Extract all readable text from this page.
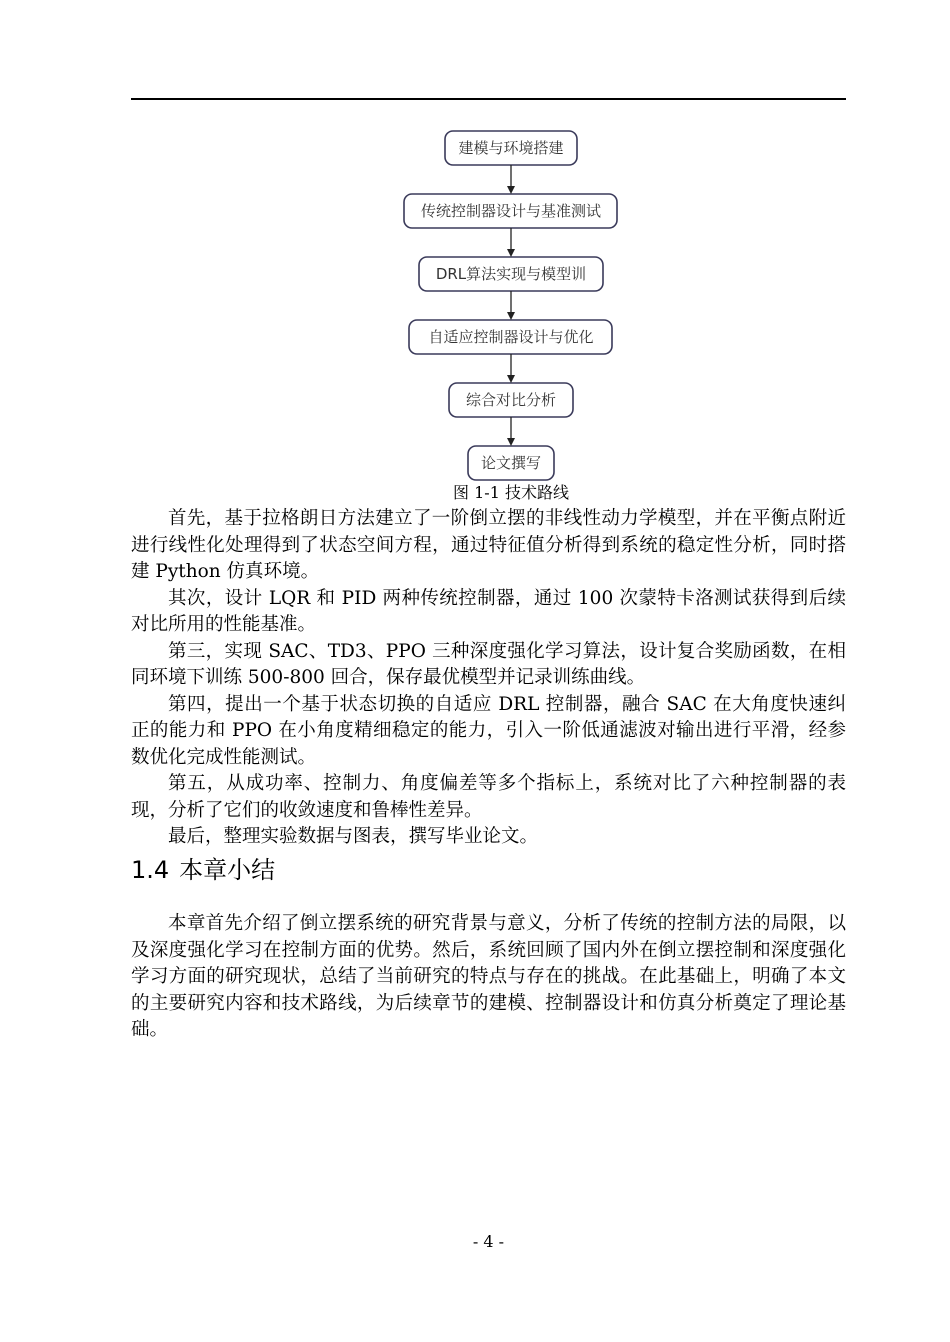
建模与环境搭建
传统控制器设计与基准测试
DRL算法实现与模型训
自适应控制器设计与优化
综合对比分析
论文撰写
图 1-1 技术路线

首先，基于拉格朗日方法建立了一阶倒立摆的非线性动力学模型，并在平衡点附近进行线性化处理得到了状态空间方程，通过特征值分析得到系统的稳定性分析，同时搭建 Python 仿真环境。

其次，设计 LQR 和 PID 两种传统控制器，通过 100 次蒙特卡洛测试获得到后续对比所用的性能基准。

第三，实现 SAC、TD3、PPO 三种深度强化学习算法，设计复合奖励函数，在相同环境下训练 500-800 回合，保存最优模型并记录训练曲线。

第四，提出一个基于状态切换的自适应 DRL 控制器，融合 SAC 在大角度快速纠正的能力和 PPO 在小角度精细稳定的能力，引入一阶低通滤波对输出进行平滑，经参数优化完成性能测试。

第五，从成功率、控制力、角度偏差等多个指标上，系统对比了六种控制器的表现，分析了它们的收敛速度和鲁棒性差异。

最后，整理实验数据与图表，撰写毕业论文。

1.4 本章小结

本章首先介绍了倒立摆系统的研究背景与意义，分析了传统的控制方法的局限，以及深度强化学习在控制方面的优势。然后，系统回顾了国内外在倒立摆控制和深度强化学习方面的研究现状，总结了当前研究的特点与存在的挑战。在此基础上，明确了本文的主要研究内容和技术路线，为后续章节的建模、控制器设计和仿真分析奠定了理论基础。

- 4 -
